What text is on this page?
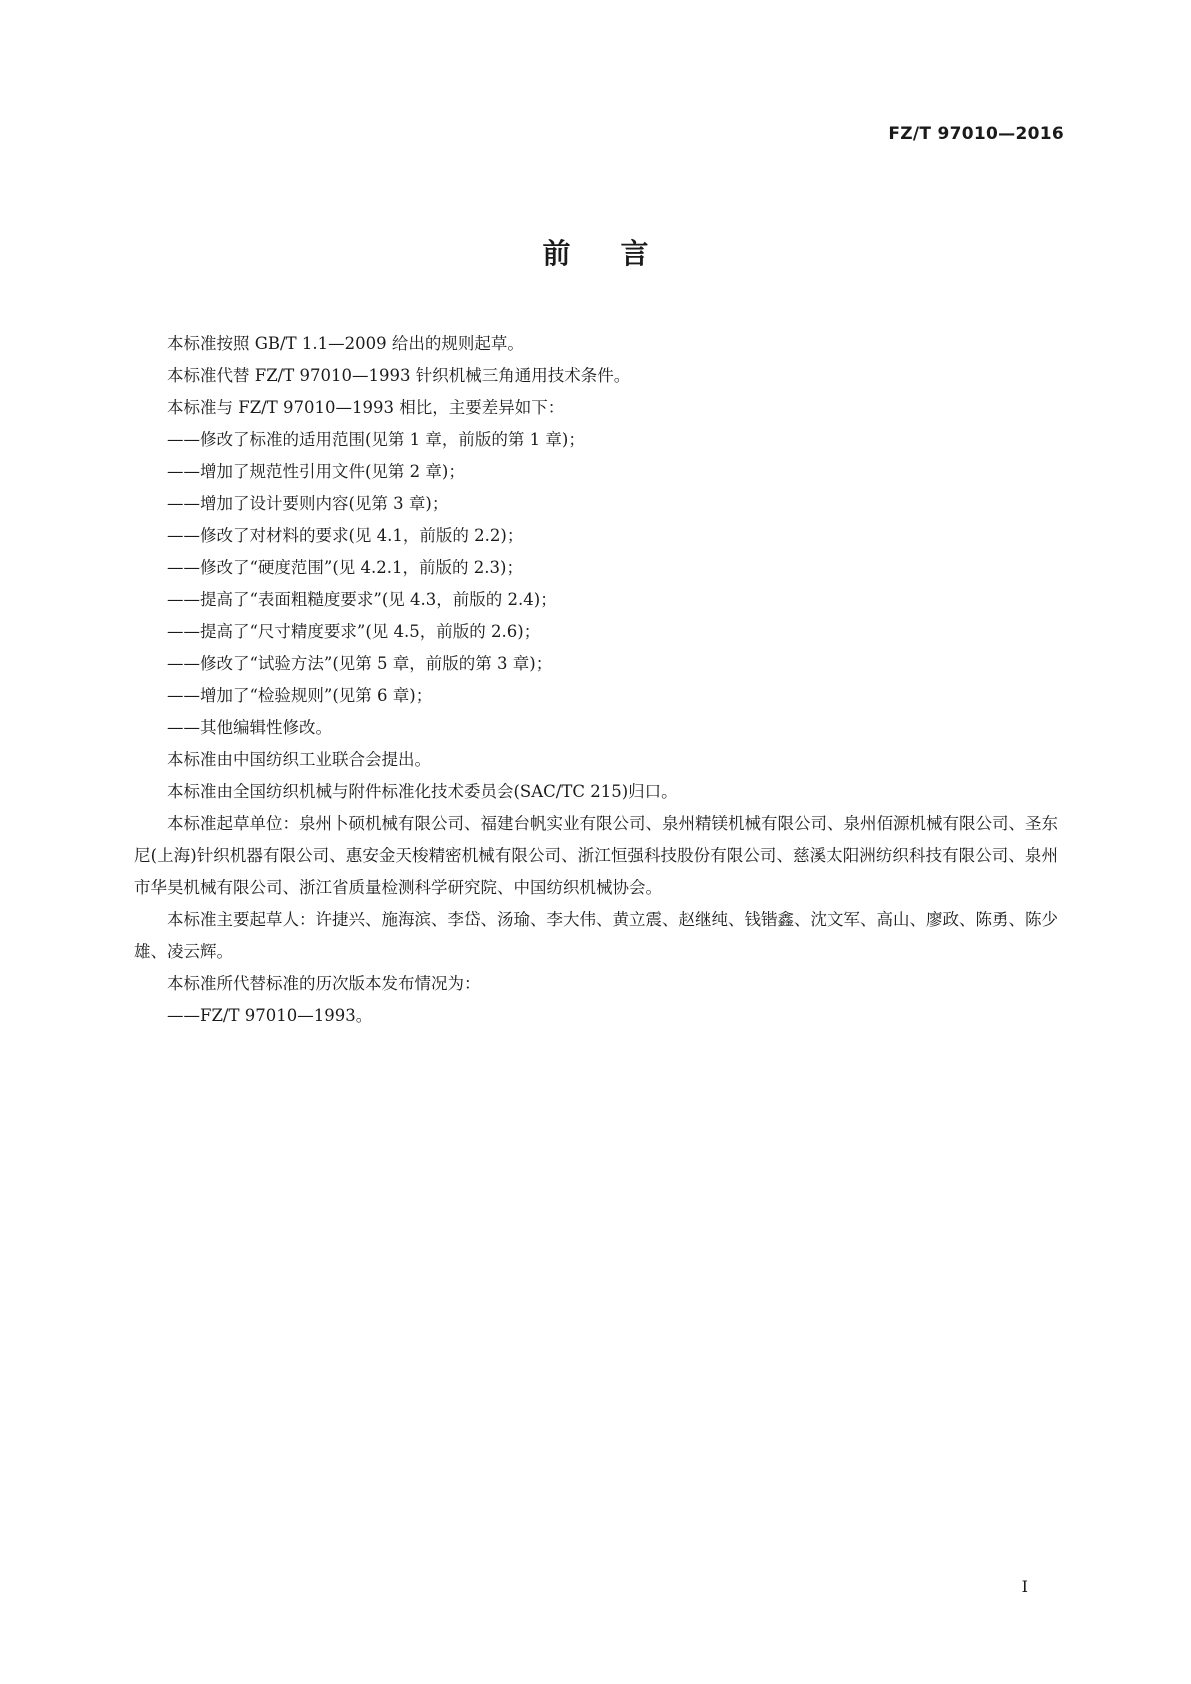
FZ/T 97010—2016
前言

本标准按照 GB/T 1.1—2009 给出的规则起草。

本标准代替 FZ/T 97010—1993 针织机械三角通用技术条件。

本标准与 FZ/T 97010—1993 相比，主要差异如下：

——修改了标准的适用范围(见第 1 章，前版的第 1 章)；

——增加了规范性引用文件(见第 2 章)；

——增加了设计要则内容(见第 3 章)；

——修改了对材料的要求(见 4.1，前版的 2.2)；

——修改了“硬度范围”(见 4.2.1，前版的 2.3)；

——提高了“表面粗糙度要求”(见 4.3，前版的 2.4)；

——提高了“尺寸精度要求”(见 4.5，前版的 2.6)；

——修改了“试验方法”(见第 5 章，前版的第 3 章)；

——增加了“检验规则”(见第 6 章)；

——其他编辑性修改。

本标准由中国纺织工业联合会提出。

本标准由全国纺织机械与附件标准化技术委员会(SAC/TC 215)归口。

本标准起草单位：泉州卜硕机械有限公司、福建台帆实业有限公司、泉州精镁机械有限公司、泉州佰源机械有限公司、圣东尼(上海)针织机器有限公司、惠安金天梭精密机械有限公司、浙江恒强科技股份有限公司、慈溪太阳洲纺织科技有限公司、泉州市华昊机械有限公司、浙江省质量检测科学研究院、中国纺织机械协会。

本标准主要起草人：许捷兴、施海滨、李岱、汤瑜、李大伟、黄立震、赵继纯、钱锴鑫、沈文军、高山、廖政、陈勇、陈少雄、凌云辉。

本标准所代替标准的历次版本发布情况为：

——FZ/T 97010—1993。

I
